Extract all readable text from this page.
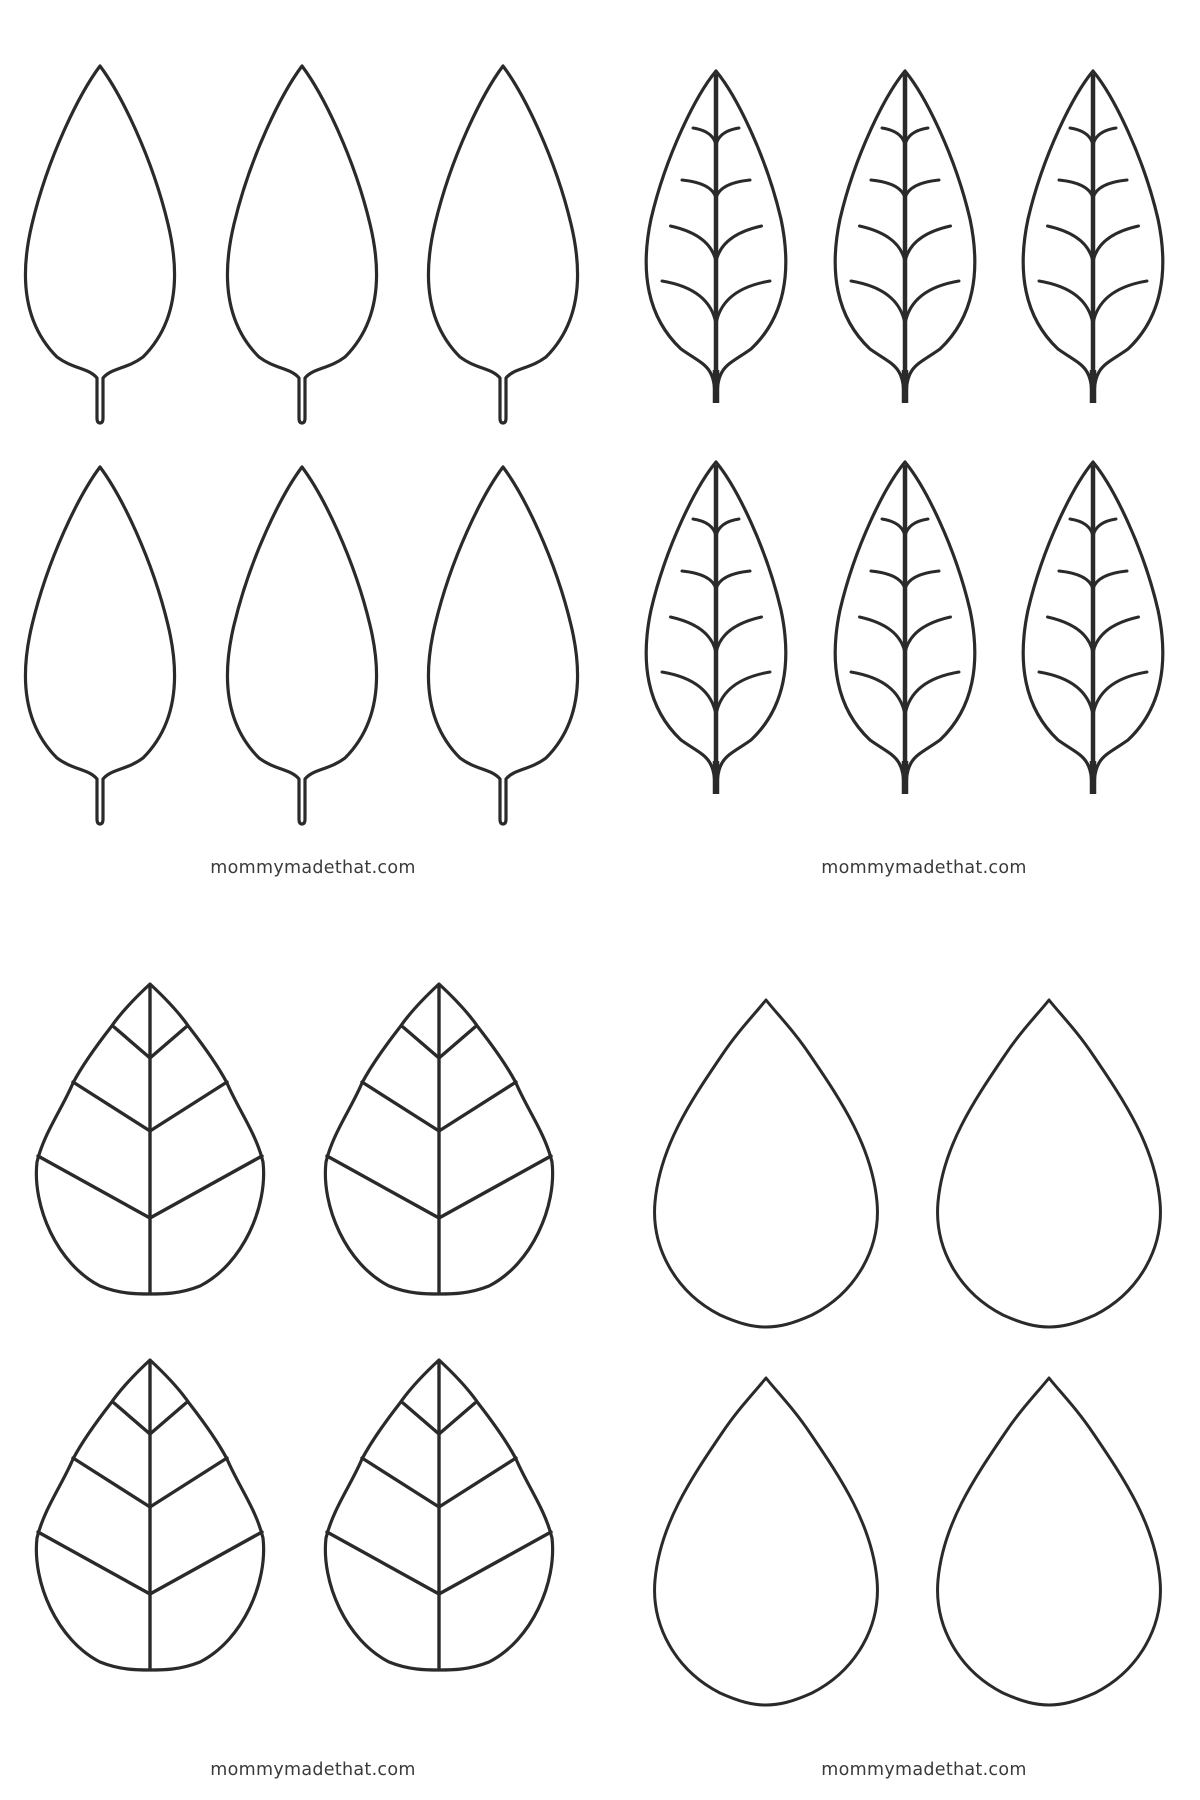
mommymadethat.com	mommymadethat.com
mommymadethat.com	mommymadethat.com
